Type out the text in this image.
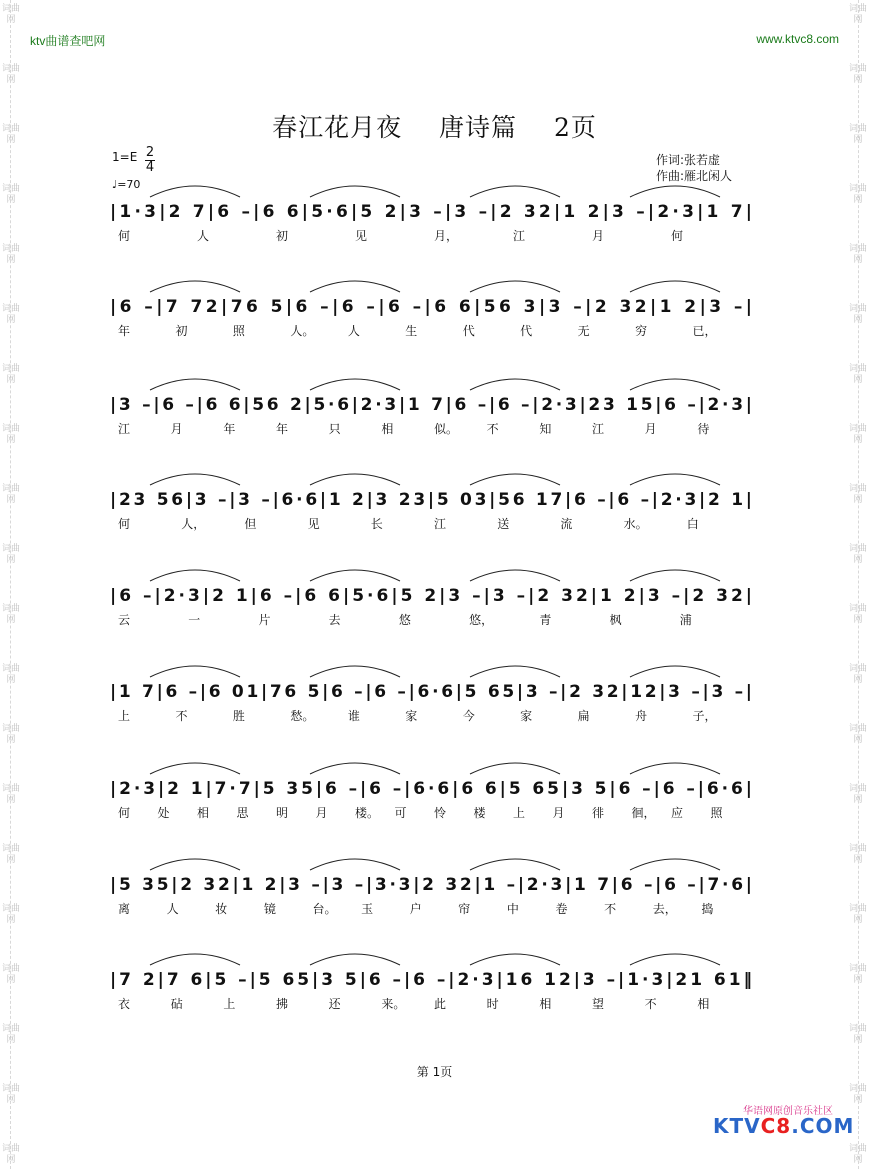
词曲网
词曲网
词曲网
词曲网
词曲网
词曲网
词曲网
词曲网
词曲网
词曲网
词曲网
词曲网
词曲网
词曲网
词曲网
词曲网
词曲网
词曲网
词曲网
词曲网
词曲网
词曲网
词曲网
词曲网
词曲网
词曲网
词曲网
词曲网
词曲网
词曲网
词曲网
词曲网
词曲网
词曲网
词曲网
词曲网
词曲网
词曲网
词曲网
词曲网
ktv曲谱查吧网	www.ktvc8.com
春江花月夜 唐诗篇 2页
1=E 2
4
♩=70
作词:张若虚
作曲:雁北闲人
|1·3|2 7|6 –|6 6|5·6|5 2|3 –|3 –|2 32|1 2|3 –|2·3|1 7|
何	人	初	见	月，	江	月	何
|6 –|7 72|76 5|6 –|6 –|6 –|6 6|56 3|3 –|2 32|1 2|3 –|
年	初	照	人。	人	生	代	代	无	穷	已，
|3 –|6 –|6 6|56 2|5·6|2·3|1 7|6 –|6 –|2·3|23 15|6 –|2·3|
江	月	年	年	只	相	似。 不	知	江	月	待
|23 56|3 –|3 –|6·6|1 2|3 23|5 03|56 17|6 –|6 –|2·3|2 1|
何	人，	但	见	长	江	送	流	水。	白
|6 –|2·3|2 1|6 –|6 6|5·6|5 2|3 –|3 –|2 32|1 2|3 –|2 32|
云	一	片	去	悠	悠，	青	枫	浦
|1 7|6 –|6 01|76 5|6 –|6 –|6·6|5 65|3 –|2 32|12|3 –|3 –|
上	不	胜	愁。	谁	家	今	家	扁	舟	子，
|2·3|2 1|7·7|5 35|6 –|6 –|6·6|6 6|5 65|3 5|6 –|6 –|6·6|
何 处 相 思 明 月 楼。 可 怜 楼 上 月 徘 徊， 应 照
|5 35|2 32|1 2|3 –|3 –|3·3|2 32|1 –|2·3|1 7|6 –|6 –|7·6|
离	人	妆	镜	台。 玉	户	帘	中	卷	不	去， 捣
|7 2|7 6|5 –|5 65|3 5|6 –|6 –|2·3|16 12|3 –|1·3|21 61‖
衣	砧	上	拂	还	来。 此	时	相	望	不	相
第 1页
华语网原创音乐社区
KTVC8.COM
